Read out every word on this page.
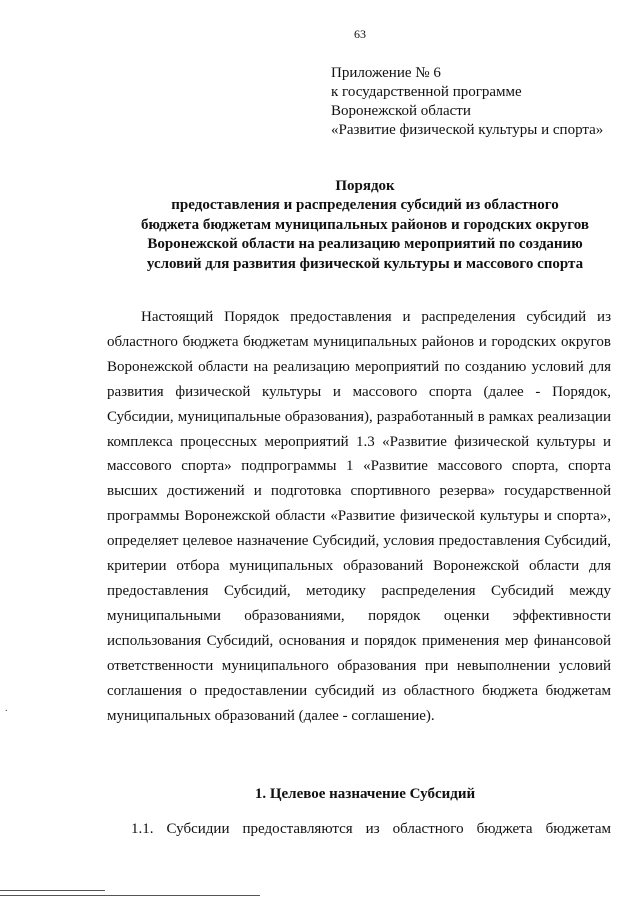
63
Приложение № 6
к государственной программе
Воронежской области
«Развитие физической культуры и спорта»
Порядок
предоставления и распределения субсидий из областного
бюджета бюджетам муниципальных районов и городских округов
Воронежской области на реализацию мероприятий по созданию
условий для развития физической культуры и массового спорта

Настоящий Порядок предоставления и распределения субсидий из областного бюджета бюджетам муниципальных районов и городских округов Воронежской области на реализацию мероприятий по созданию условий для развития физической культуры и массового спорта (далее - Порядок, Субсидии, муниципальные образования), разработанный в рамках реализации комплекса процессных мероприятий 1.3 «Развитие физической культуры и массового спорта» подпрограммы 1 «Развитие массового спорта, спорта высших достижений и подготовка спортивного резерва» государственной программы Воронежской области «Развитие физической культуры и спорта», определяет целевое назначение Субсидий, условия предоставления Субсидий, критерии отбора муниципальных образований Воронежской области для предоставления Субсидий, методику распределения Субсидий между муниципальными образованиями, порядок оценки эффективности использования Субсидий, основания и порядок применения мер финансовой ответственности муниципального образования при невыполнении условий соглашения о предоставлении субсидий из областного бюджета бюджетам муниципальных образований (далее - соглашение).

.
1. Целевое назначение Субсидий

1.1. Субсидии предоставляются из областного бюджета бюджетам
